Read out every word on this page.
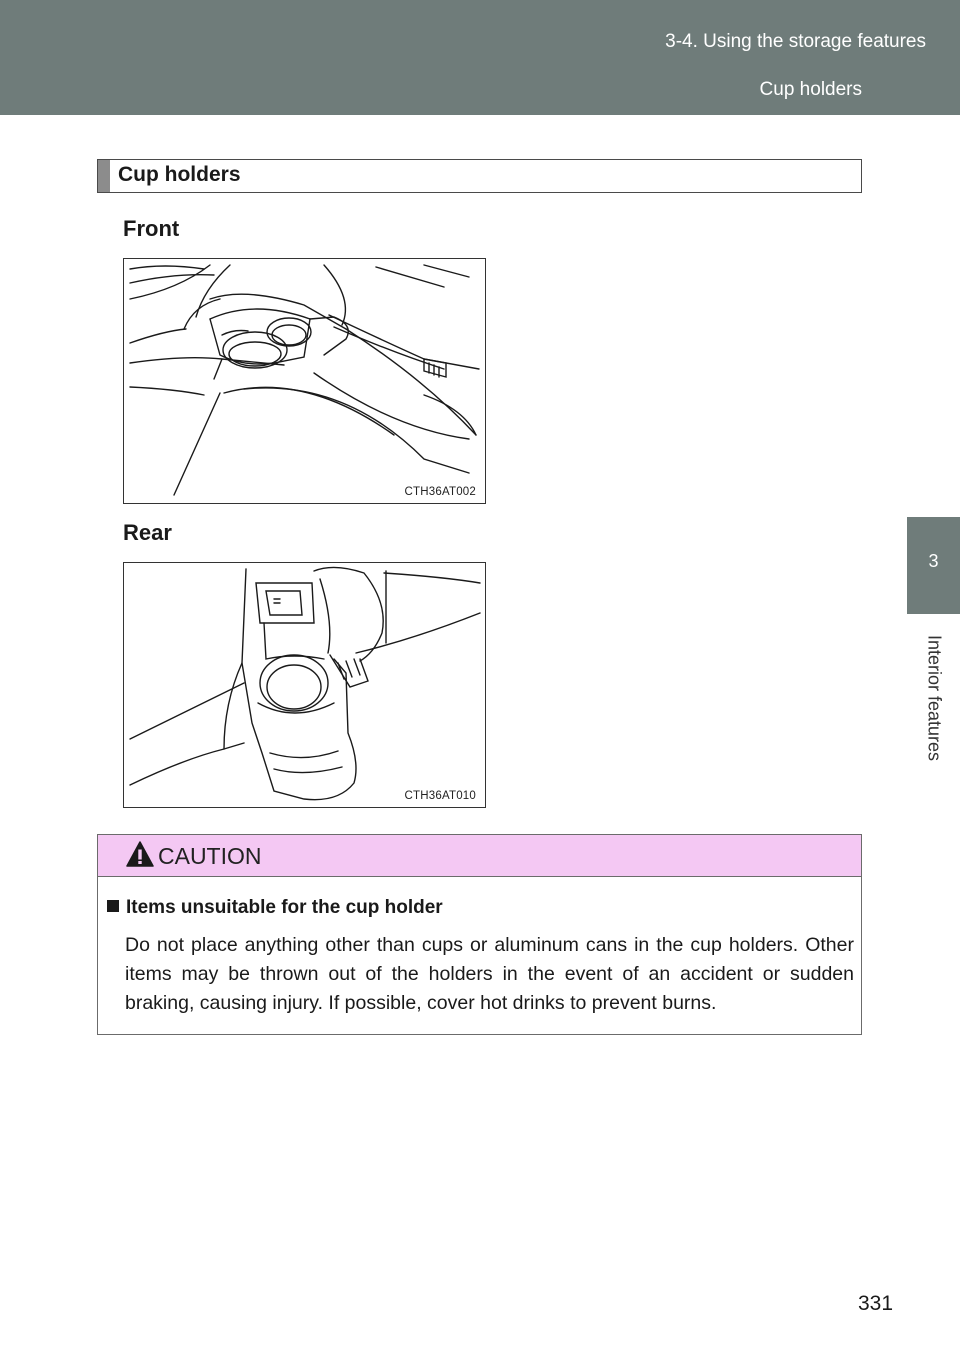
3-4. Using the storage features
Cup holders
3
Interior features
Cup holders
Front
CTH36AT002
Rear
CTH36AT010
CAUTION
Items unsuitable for the cup holder
Do not place anything other than cups or aluminum cans in the cup holders. Other items may be thrown out of the holders in the event of an accident or sudden braking, causing injury. If possible, cover hot drinks to prevent burns.
331
